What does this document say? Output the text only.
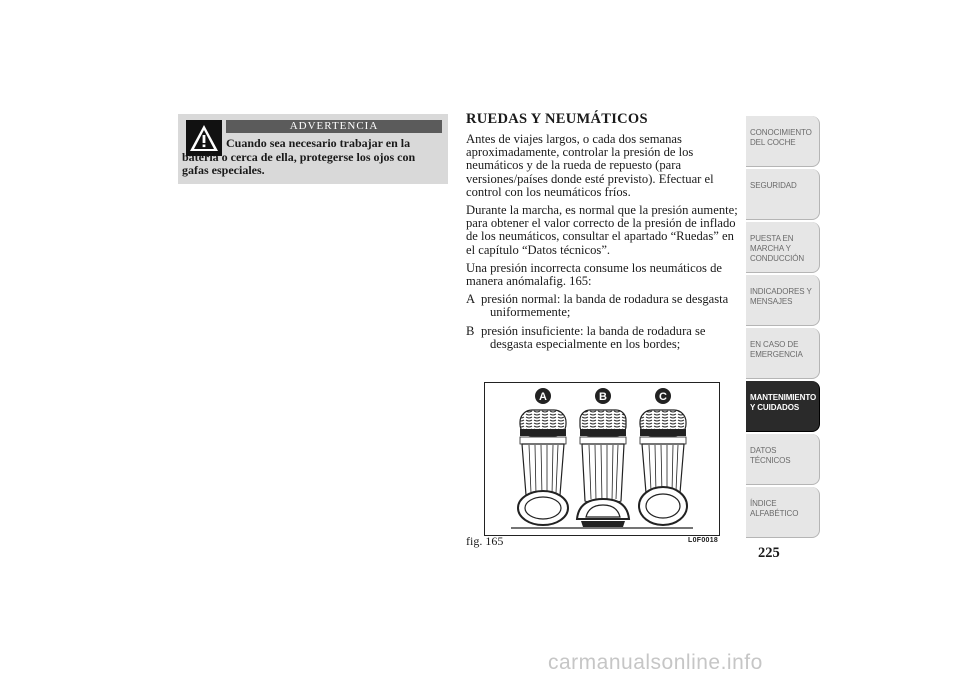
ADVERTENCIA
Cuando sea necesario trabajar en la batería o cerca de ella, protegerse los ojos con gafas especiales.
RUEDAS Y NEUMÁTICOS
Antes de viajes largos, o cada dos semanas aproximadamente, controlar la presión de los neumáticos y de la rueda de repuesto (para versiones/países donde esté previsto). Efectuar el control con los neumáticos fríos.
Durante la marcha, es normal que la presión aumente; para obtener el valor correcto de la presión de inflado de los neumáticos, consultar el apartado “Ruedas” en el capítulo “Datos técnicos”.
Una presión incorrecta consume los neumáticos de manera anómalafig. 165:
A presión normal: la banda de rodadura se desgasta uniformemente;
B presión insuficiente: la banda de rodadura se desgasta especialmente en los bordes;
A	B	C
fig. 165	L0F0018
CONOCIMIENTO DEL COCHE
SEGURIDAD
PUESTA EN MARCHA Y CONDUCCIÓN
INDICADORES Y MENSAJES
EN CASO DE EMERGENCIA
MANTENIMIENTO Y CUIDADOS
DATOS TÉCNICOS
ÍNDICE ALFABÉTICO
225
carmanualsonline.info
